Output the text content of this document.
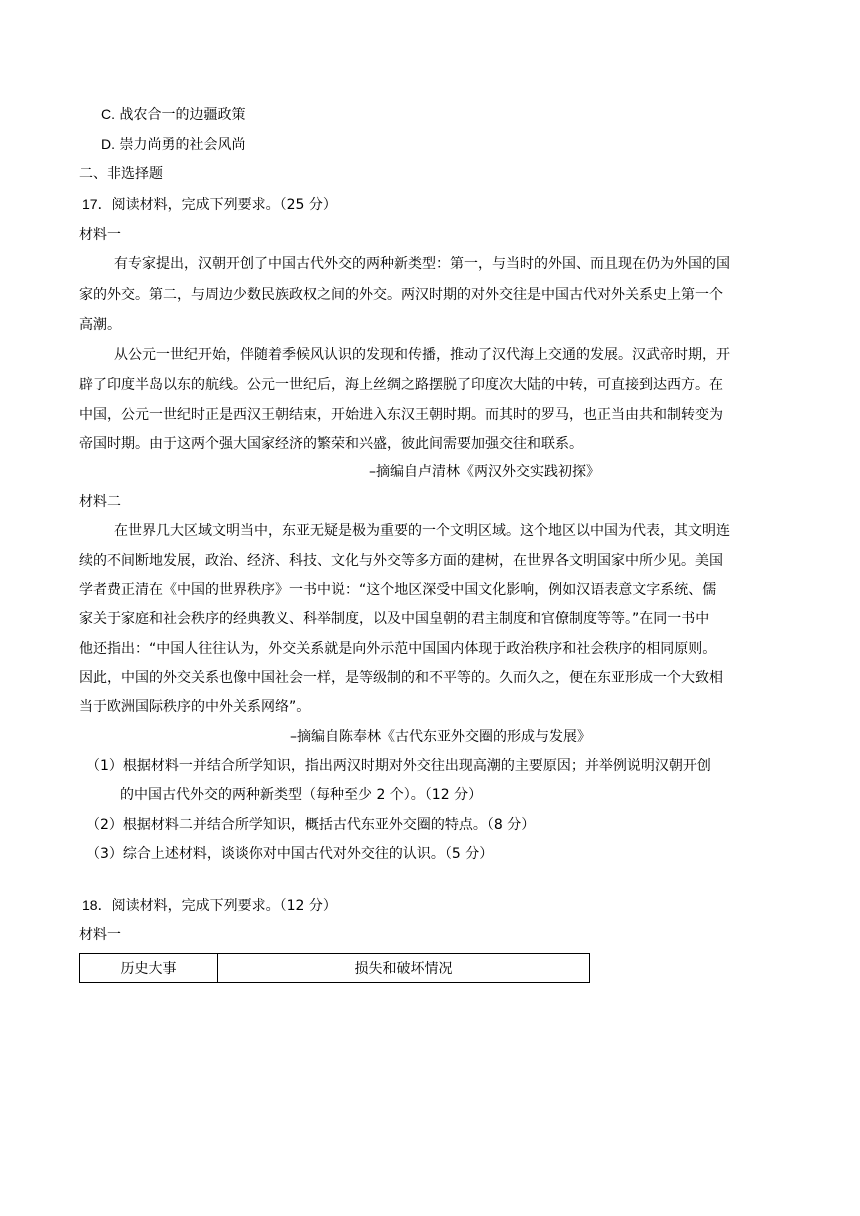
C. 战农合一的边疆政策
D. 崇力尚勇的社会风尚
二、非选择题
17．阅读材料，完成下列要求。（25 分）
材料一
有专家提出，汉朝开创了中国古代外交的两种新类型：第一，与当时的外国、而且现在仍为外国的国
家的外交。第二，与周边少数民族政权之间的外交。两汉时期的对外交往是中国古代对外关系史上第一个
高潮。
从公元一世纪开始，伴随着季候风认识的发现和传播，推动了汉代海上交通的发展。汉武帝时期，开
辟了印度半岛以东的航线。公元一世纪后，海上丝绸之路摆脱了印度次大陆的中转，可直接到达西方。在
中国，公元一世纪时正是西汉王朝结束，开始进入东汉王朝时期。而其时的罗马，也正当由共和制转变为
帝国时期。由于这两个强大国家经济的繁荣和兴盛，彼此间需要加强交往和联系。
–摘编自卢清林《两汉外交实践初探》
材料二
在世界几大区域文明当中，东亚无疑是极为重要的一个文明区域。这个地区以中国为代表，其文明连
续的不间断地发展，政治、经济、科技、文化与外交等多方面的建树，在世界各文明国家中所少见。美国
学者费正清在《中国的世界秩序》一书中说：“这个地区深受中国文化影响，例如汉语表意文字系统、儒
家关于家庭和社会秩序的经典教义、科举制度，以及中国皇朝的君主制度和官僚制度等等。”在同一书中
他还指出：“中国人往往认为，外交关系就是向外示范中国国内体现于政治秩序和社会秩序的相同原则。
因此，中国的外交关系也像中国社会一样，是等级制的和不平等的。久而久之，便在东亚形成一个大致相
当于欧洲国际秩序的中外关系网络”。
–摘编自陈奉林《古代东亚外交圈的形成与发展》
（1）根据材料一并结合所学知识，指出两汉时期对外交往出现高潮的主要原因；并举例说明汉朝开创
的中国古代外交的两种新类型（每种至少 2 个）。（12 分）
（2）根据材料二并结合所学知识，概括古代东亚外交圈的特点。（8 分）
（3）综合上述材料，谈谈你对中国古代对外交往的认识。（5 分）
18．阅读材料，完成下列要求。（12 分）
材料一
历史大事	损失和破坏情况
